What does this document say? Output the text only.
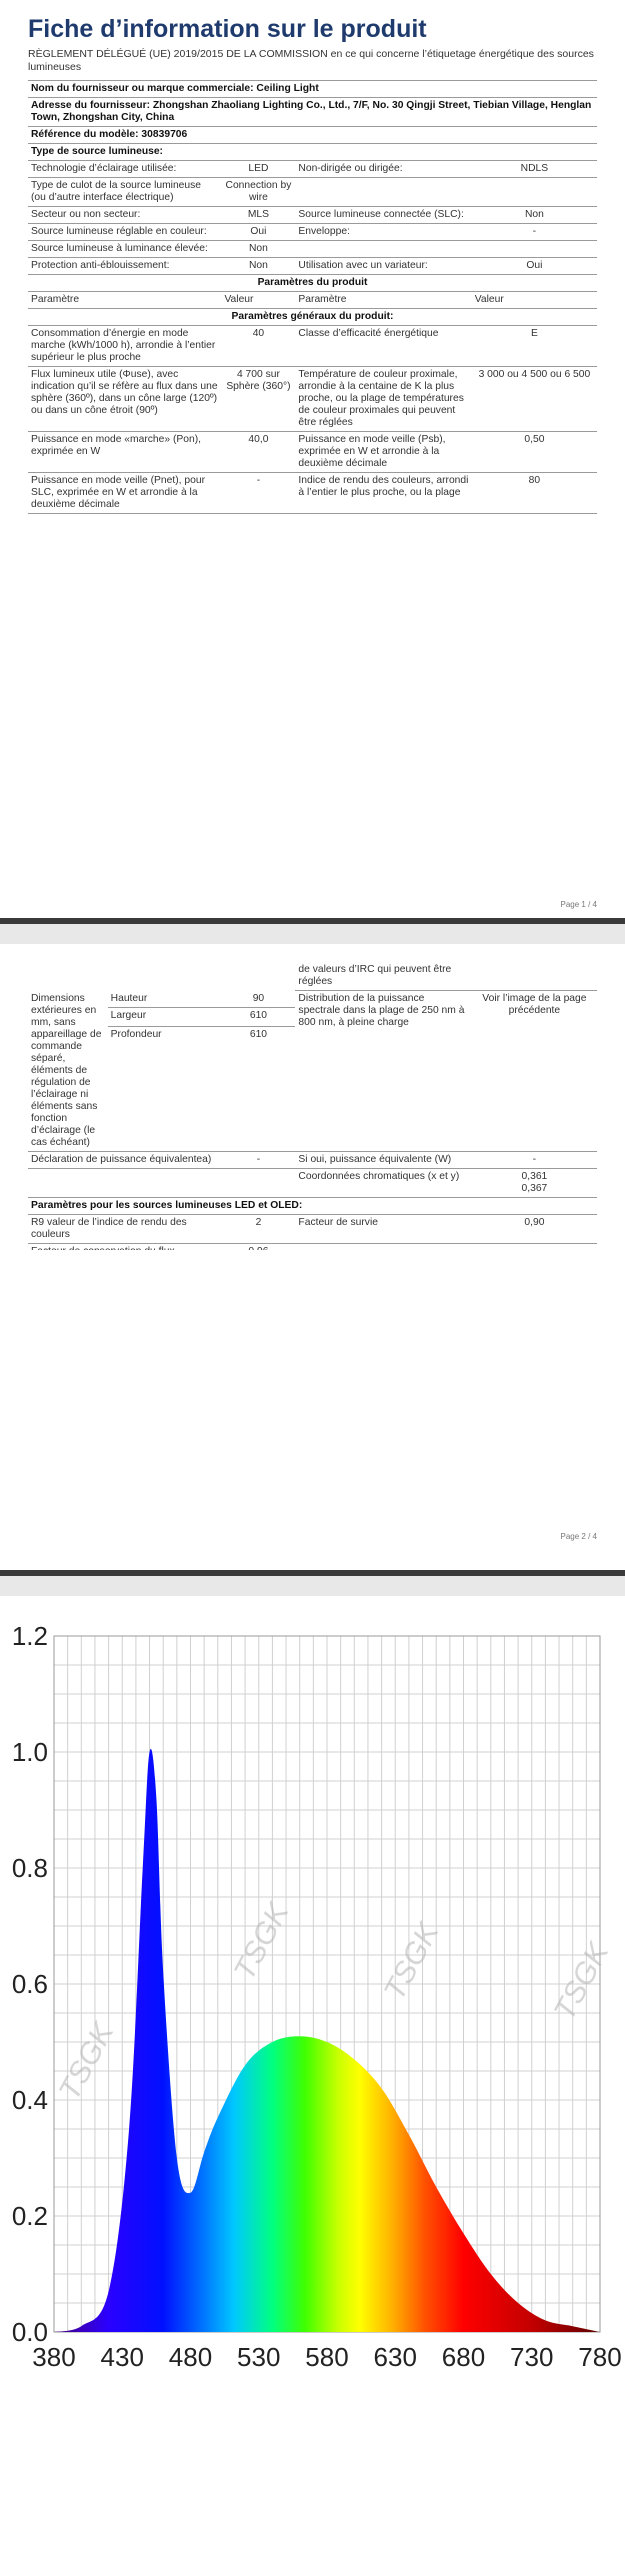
Fiche d’information sur le produit
RÈGLEMENT DÉLÉGUÉ (UE) 2019/2015 DE LA COMMISSION en ce qui concerne l’étiquetage énergétique des sources lumineuses
Nom du fournisseur ou marque commerciale: Ceiling Light
Adresse du fournisseur: Zhongshan Zhaoliang Lighting Co., Ltd., 7/F, No. 30 Qingji Street, Tiebian Village, Henglan Town, Zhongshan City, China
Référence du modèle: 30839706
Type de source lumineuse:
Technologie d’éclairage utilisée:	LED	Non-dirigée ou dirigée:	NDLS
Type de culot de la source lumineuse (ou d’autre interface électrique)	Connection by wire		
Secteur ou non secteur:	MLS	Source lumineuse connectée (SLC):	Non
Source lumineuse réglable en couleur:	Oui	Enveloppe:	-
Source lumineuse à luminance élevée:	Non		
Protection anti-éblouissement:	Non	Utilisation avec un variateur:	Oui
Paramètres du produit
Paramètre	Valeur	Paramètre	Valeur
Paramètres généraux du produit:
Consommation d’énergie en mode marche (kWh/1000 h), arrondie à l’entier supérieur le plus proche	40	Classe d’efficacité énergétique	E
Flux lumineux utile (Φuse), avec indication qu’il se réfère au flux dans une sphère (360º), dans un cône large (120º) ou dans un cône étroit (90º)	4 700 sur Sphère (360°)	Température de couleur proximale, arrondie à la centaine de K la plus proche, ou la plage de températures de couleur proximales qui peuvent être réglées	3 000 ou 4 500 ou 6 500
Puissance en mode «marche» (Pon), exprimée en W	40,0	Puissance en mode veille (Psb), exprimée en W et arrondie à la deuxième décimale	0,50
Puissance en mode veille (Pnet), pour SLC, exprimée en W et arrondie à la deuxième décimale	-	Indice de rendu des couleurs, arrondi à l’entier le plus proche, ou la plage	80
Page 1 / 4
				de valeurs d’IRC qui peuvent être réglées	
Dimensions extérieures en mm, sans appareillage de commande séparé, éléments de régulation de l’éclairage ni éléments sans fonction d’éclairage (le cas échéant)	Hauteur		90	Distribution de la puissance spectrale dans la plage de 250 nm à 800 nm, à pleine charge	Voir l’image de la page précédente
	Largeur		610		
	Profondeur		610		
Déclaration de puissance équivalentea)			-	Si oui, puissance équivalente (W)	-
				Coordonnées chromatiques (x et y)	0,361
0,367
Paramètres pour les sources lumineuses LED et OLED:					
R9 valeur de l’indice de rendu des couleurs			2	Facteur de survie	0,90

Page 2 / 4
TSGK
TSGK	TSGK	TSGK
0.0
0.2
0.4
0.6
0.8
1.0
1.2
380 430 480 530 580 630 680 730 780
